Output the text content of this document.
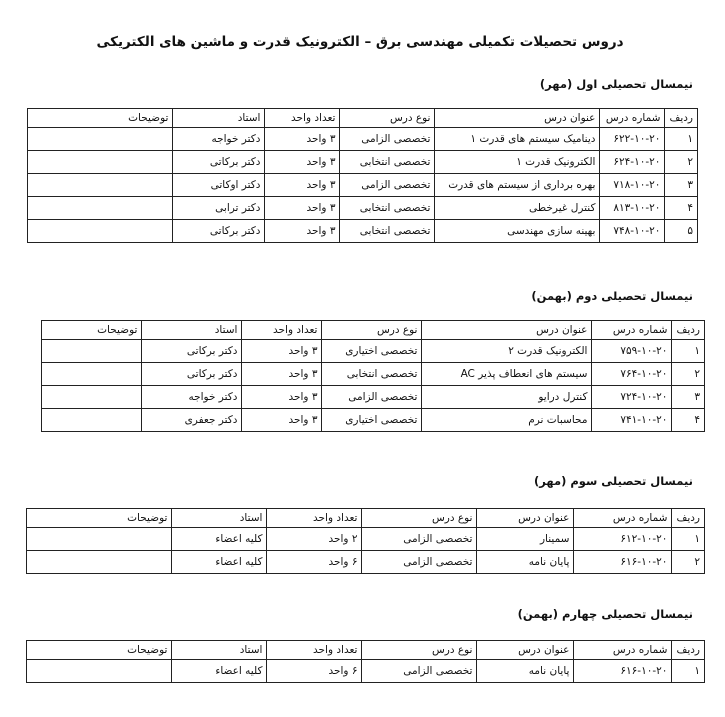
دروس تحصیلات تکمیلی مهندسی برق – الکترونیک قدرت و ماشین های الکتریکی
نیمسال تحصیلی اول (مهر)
ردیف	شماره درس	عنوان درس	نوع درس	تعداد واحد	استاد	توضیحات
۱	۶۲۲-۱۰-۲۰	دینامیک سیستم های قدرت ۱	تخصصی الزامی	۳ واحد	دکتر خواجه	
۲	۶۲۴-۱۰-۲۰	الکترونیک قدرت ۱	تخصصی انتخابی	۳ واحد	دکتر برکاتی	
۳	۷۱۸-۱۰-۲۰	بهره برداری از سیستم های قدرت	تخصصی الزامی	۳ واحد	دکتر اوکاتی	
۴	۸۱۳-۱۰-۲۰	کنترل غیرخطی	تخصصی انتخابی	۳ واحد	دکتر ترابی	
۵	۷۴۸-۱۰-۲۰	بهینه سازی مهندسی	تخصصی انتخابی	۳ واحد	دکتر برکاتی	
نیمسال تحصیلی دوم (بهمن)
ردیف	شماره درس	عنوان درس	نوع درس	تعداد واحد	استاد	توضیحات
۱	۷۵۹-۱۰-۲۰	الکترونیک قدرت ۲	تخصصی اختیاری	۳ واحد	دکتر برکاتی	
۲	۷۶۴-۱۰-۲۰	سیستم های انعطاف پذیر AC	تخصصی انتخابی	۳ واحد	دکتر برکاتی	
۳	۷۲۴-۱۰-۲۰	کنترل درایو	تخصصی الزامی	۳ واحد	دکتر خواجه	
۴	۷۴۱-۱۰-۲۰	محاسبات نرم	تخصصی اختیاری	۳ واحد	دکتر جعفری	
نیمسال تحصیلی سوم (مهر)
ردیف	شماره درس	عنوان درس	نوع درس	تعداد واحد	استاد	توضیحات
۱	۶۱۲-۱۰-۲۰	سمینار	تخصصی الزامی	۲ واحد	کلیه اعضاء	
۲	۶۱۶-۱۰-۲۰	پایان نامه	تخصصی الزامی	۶ واحد	کلیه اعضاء	
نیمسال تحصیلی چهارم (بهمن)
ردیف	شماره درس	عنوان درس	نوع درس	تعداد واحد	استاد	توضیحات
۱	۶۱۶-۱۰-۲۰	پایان نامه	تخصصی الزامی	۶ واحد	کلیه اعضاء	
